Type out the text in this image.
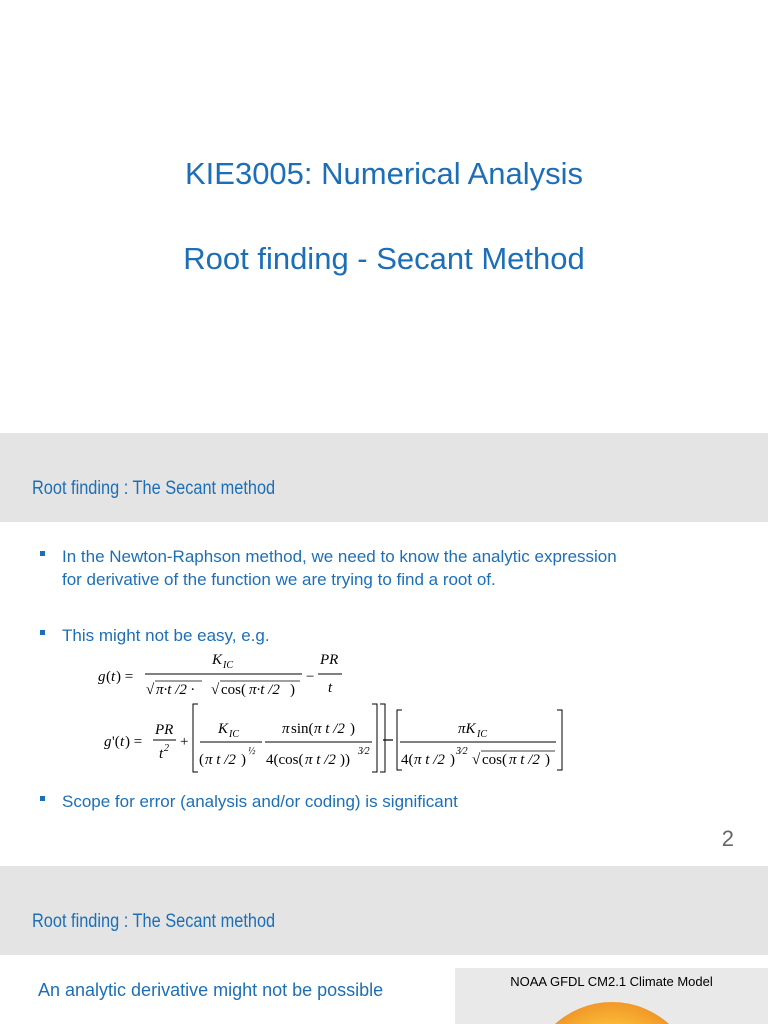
KIE3005: Numerical Analysis
Root finding - Secant Method
Root finding : The Secant method
In the Newton-Raphson method, we need to know the analytic expression
for derivative of the function we are trying to find a root of.
This might not be easy, e.g.
g ( t ) =
K IC
√ π·t /2 · √ cos( π·t /2 )
−
PR
t
g '( t ) =
PR
t 2 +
K IC
( π t /2 )
½
π sin( π t /2 )
4(cos( π t /2 ))
3⁄2
πK IC
4( π t /2 )
3⁄2
√ cos( π t /2 )
Scope for error (analysis and/or coding) is significant
2
Root finding : The Secant method
An analytic derivative might not be possible	NOAA GFDL CM2.1 Climate Model
